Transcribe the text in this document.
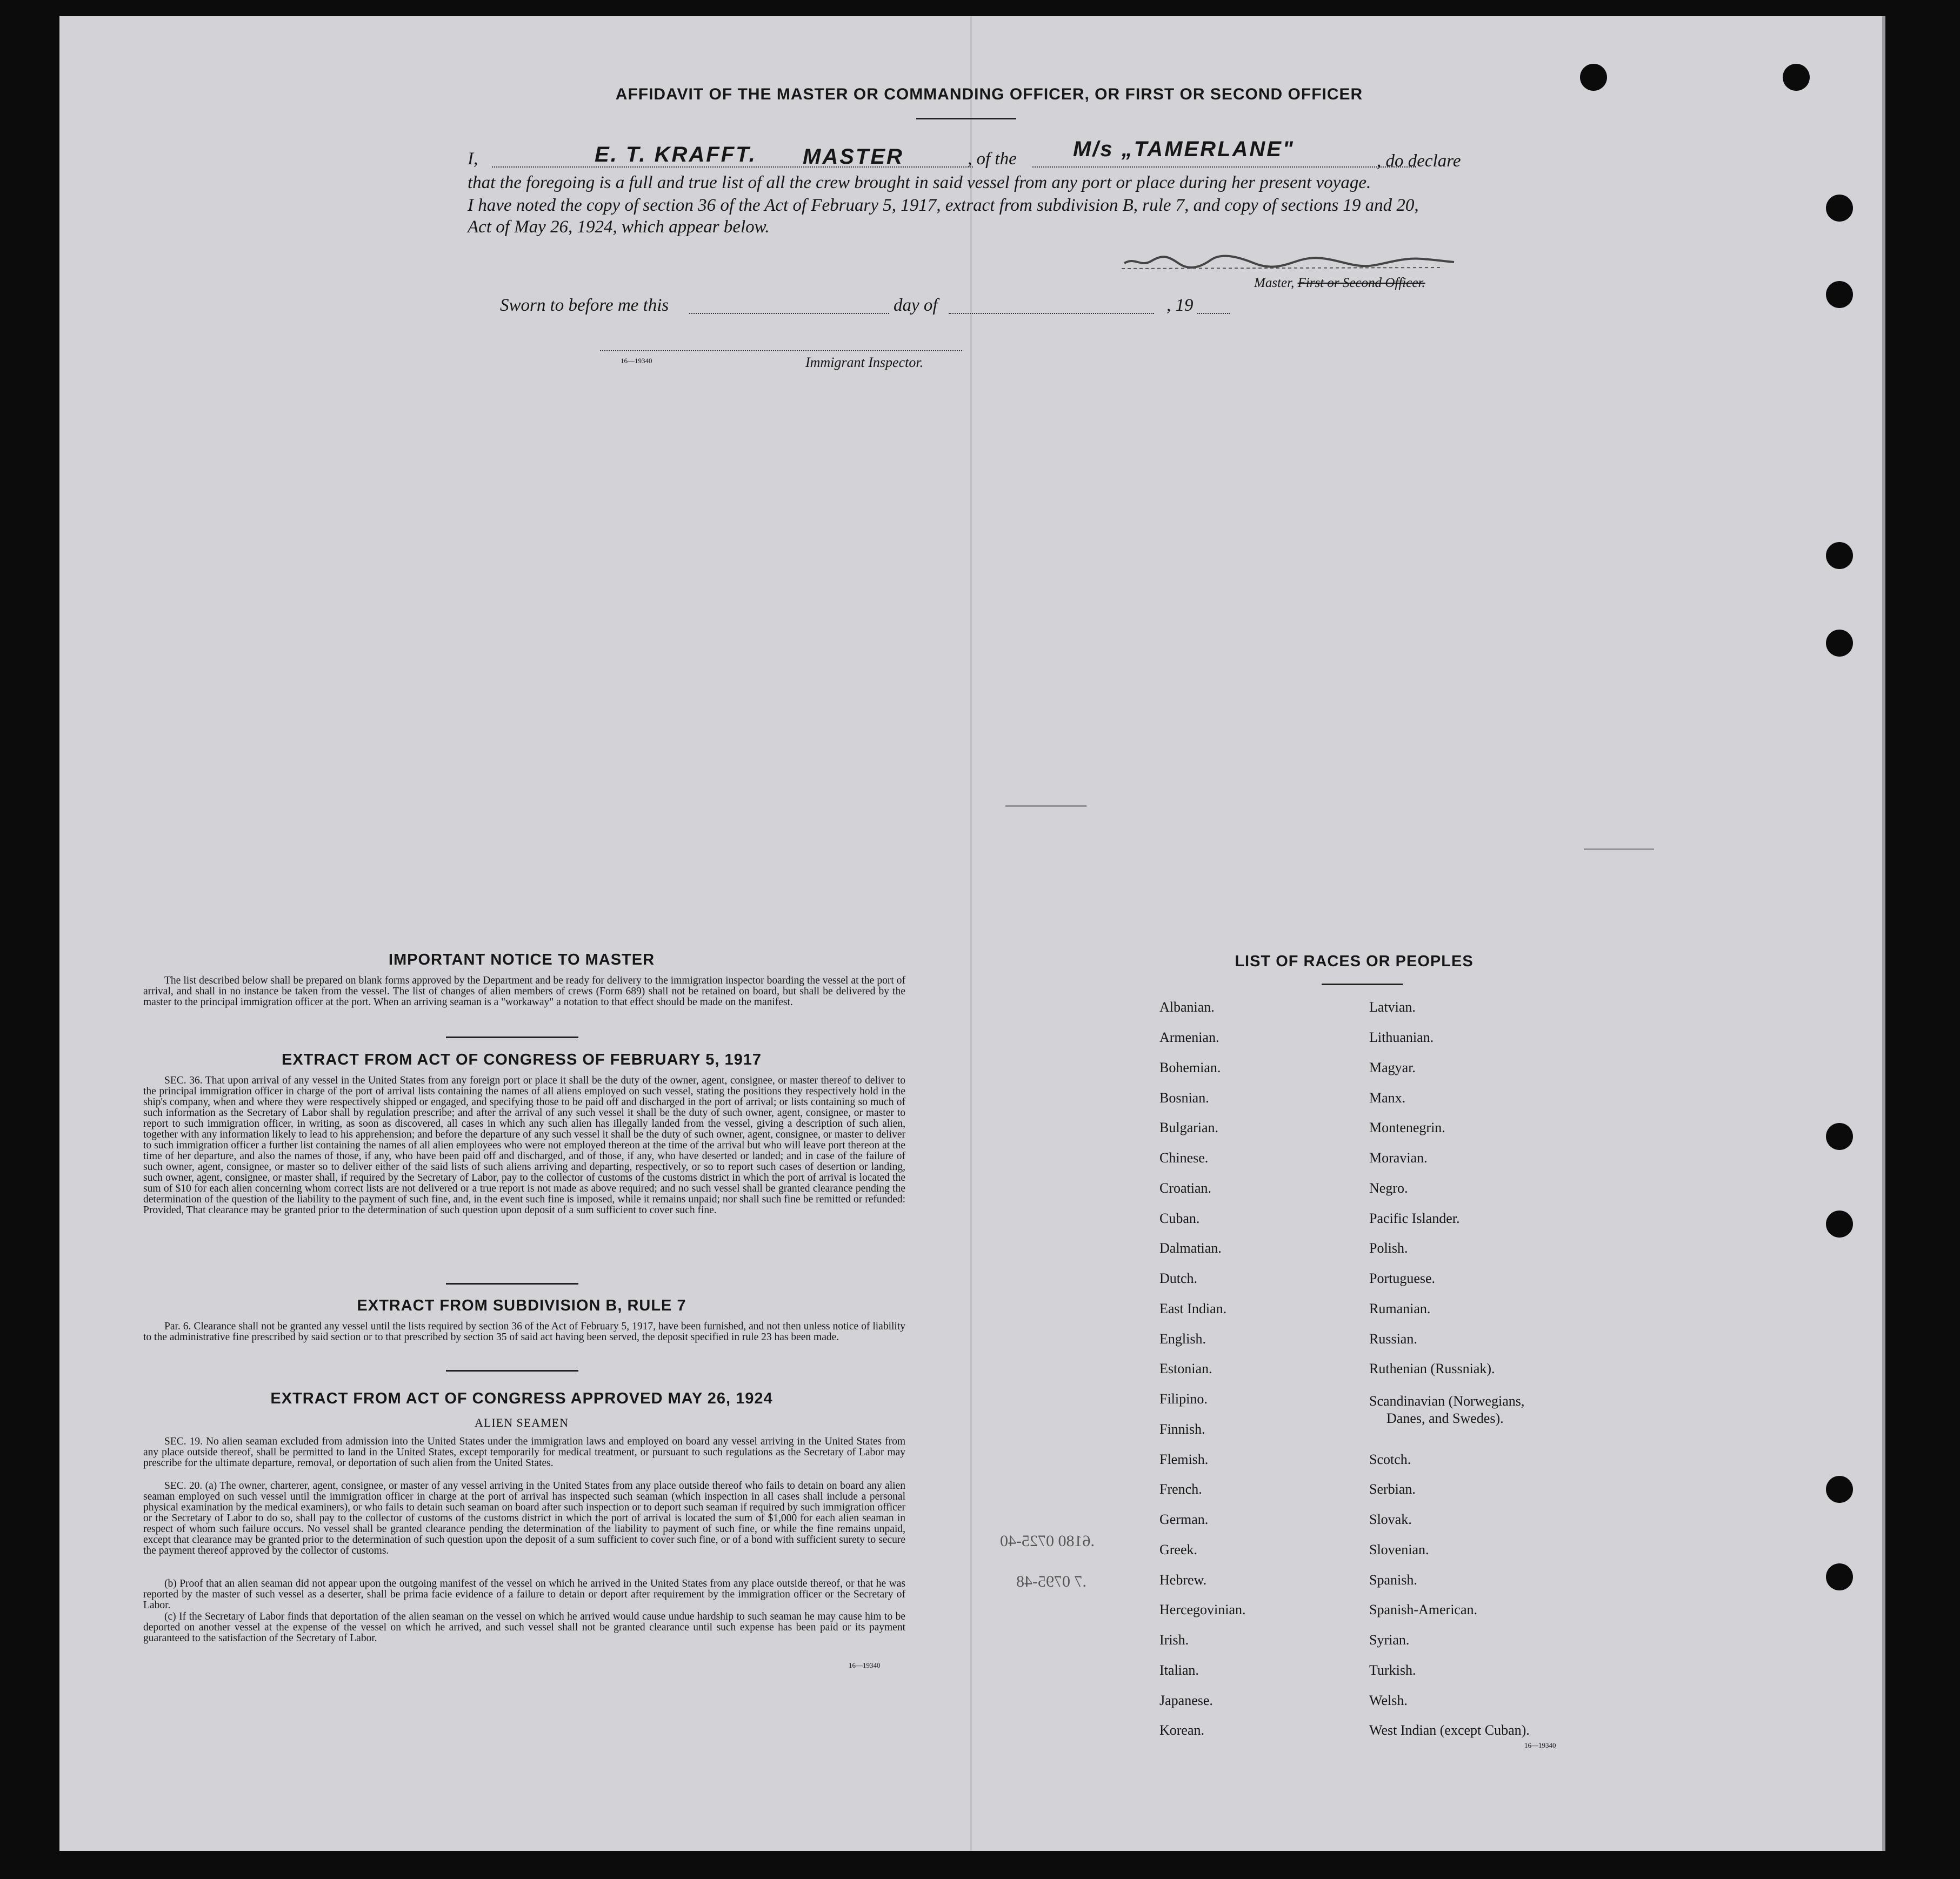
AFFIDAVIT OF THE MASTER OR COMMANDING OFFICER, OR FIRST OR SECOND OFFICER
I,	E. T. KRAFFT. MASTER	, of the	M/s „TAMERLANE"	, do declare
that the foregoing is a full and true list of all the crew brought in said vessel from any port or place during her present voyage.
I have noted the copy of section 36 of the Act of February 5, 1917, extract from subdivision B, rule 7, and copy of sections 19 and 20,
Act of May 26, 1924, which appear below.
Master, First or Second Officer.
Sworn to before me this	day of	, 19
16—19340	Immigrant Inspector.
.6180 0725-40
.7 0795-48
IMPORTANT NOTICE TO MASTER
The list described below shall be prepared on blank forms approved by the Department and be ready for delivery to the immigration inspector boarding the vessel at the port of arrival, and shall in no instance be taken from the vessel. The list of changes of alien members of crews (Form 689) shall not be retained on board, but shall be delivered by the master to the principal immigration officer at the port. When an arriving seaman is a "workaway" a notation to that effect should be made on the manifest.
EXTRACT FROM ACT OF CONGRESS OF FEBRUARY 5, 1917
SEC. 36. That upon arrival of any vessel in the United States from any foreign port or place it shall be the duty of the owner, agent, consignee, or master thereof to deliver to the principal immigration officer in charge of the port of arrival lists containing the names of all aliens employed on such vessel, stating the positions they respectively hold in the ship's company, when and where they were respectively shipped or engaged, and specifying those to be paid off and discharged in the port of arrival; or lists containing so much of such information as the Secretary of Labor shall by regulation prescribe; and after the arrival of any such vessel it shall be the duty of such owner, agent, consignee, or master to report to such immigration officer, in writing, as soon as discovered, all cases in which any such alien has illegally landed from the vessel, giving a description of such alien, together with any information likely to lead to his apprehension; and before the departure of any such vessel it shall be the duty of such owner, agent, consignee, or master to deliver to such immigration officer a further list containing the names of all alien employees who were not employed thereon at the time of the arrival but who will leave port thereon at the time of her departure, and also the names of those, if any, who have been paid off and discharged, and of those, if any, who have deserted or landed; and in case of the failure of such owner, agent, consignee, or master so to deliver either of the said lists of such aliens arriving and departing, respectively, or so to report such cases of desertion or landing, such owner, agent, consignee, or master shall, if required by the Secretary of Labor, pay to the collector of customs of the customs district in which the port of arrival is located the sum of $10 for each alien concerning whom correct lists are not delivered or a true report is not made as above required; and no such vessel shall be granted clearance pending the determination of the question of the liability to the payment of such fine, and, in the event such fine is imposed, while it remains unpaid; nor shall such fine be remitted or refunded: Provided, That clearance may be granted prior to the determination of such question upon deposit of a sum sufficient to cover such fine.
EXTRACT FROM SUBDIVISION B, RULE 7
Par. 6. Clearance shall not be granted any vessel until the lists required by section 36 of the Act of February 5, 1917, have been furnished, and not then unless notice of liability to the administrative fine prescribed by said section or to that prescribed by section 35 of said act having been served, the deposit specified in rule 23 has been made.
EXTRACT FROM ACT OF CONGRESS APPROVED MAY 26, 1924
ALIEN SEAMEN
SEC. 19. No alien seaman excluded from admission into the United States under the immigration laws and employed on board any vessel arriving in the United States from any place outside thereof, shall be permitted to land in the United States, except temporarily for medical treatment, or pursuant to such regulations as the Secretary of Labor may prescribe for the ultimate departure, removal, or deportation of such alien from the United States.
SEC. 20. (a) The owner, charterer, agent, consignee, or master of any vessel arriving in the United States from any place outside thereof who fails to detain on board any alien seaman employed on such vessel until the immigration officer in charge at the port of arrival has inspected such seaman (which inspection in all cases shall include a personal physical examination by the medical examiners), or who fails to detain such seaman on board after such inspection or to deport such seaman if required by such immigration officer or the Secretary of Labor to do so, shall pay to the collector of customs of the customs district in which the port of arrival is located the sum of $1,000 for each alien seaman in respect of whom such failure occurs. No vessel shall be granted clearance pending the determination of the liability to payment of such fine, or while the fine remains unpaid, except that clearance may be granted prior to the determination of such question upon the deposit of a sum sufficient to cover such fine, or of a bond with sufficient surety to secure the payment thereof approved by the collector of customs.
(b) Proof that an alien seaman did not appear upon the outgoing manifest of the vessel on which he arrived in the United States from any place outside thereof, or that he was reported by the master of such vessel as a deserter, shall be prima facie evidence of a failure to detain or deport after requirement by the immigration officer or the Secretary of Labor.
(c) If the Secretary of Labor finds that deportation of the alien seaman on the vessel on which he arrived would cause undue hardship to such seaman he may cause him to be deported on another vessel at the expense of the vessel on which he arrived, and such vessel shall not be granted clearance until such expense has been paid or its payment guaranteed to the satisfaction of the Secretary of Labor.
16—19340
LIST OF RACES OR PEOPLES
Albanian.
Armenian.
Bohemian.
Bosnian.
Bulgarian.
Chinese.
Croatian.
Cuban.
Dalmatian.
Dutch.
East Indian.
English.
Estonian.
Filipino.
Finnish.
Flemish.
French.
German.
Greek.
Hebrew.
Hercegovinian.
Irish.
Italian.
Japanese.
Korean.
Latvian.
Lithuanian.
Magyar.
Manx.
Montenegrin.
Moravian.
Negro.
Pacific Islander.
Polish.
Portuguese.
Rumanian.
Russian.
Ruthenian (Russniak).
Scandinavian (Norwegians,
Danes, and Swedes).
Scotch.
Serbian.
Slovak.
Slovenian.
Spanish.
Spanish-American.
Syrian.
Turkish.
Welsh.
West Indian (except Cuban).
16—19340
